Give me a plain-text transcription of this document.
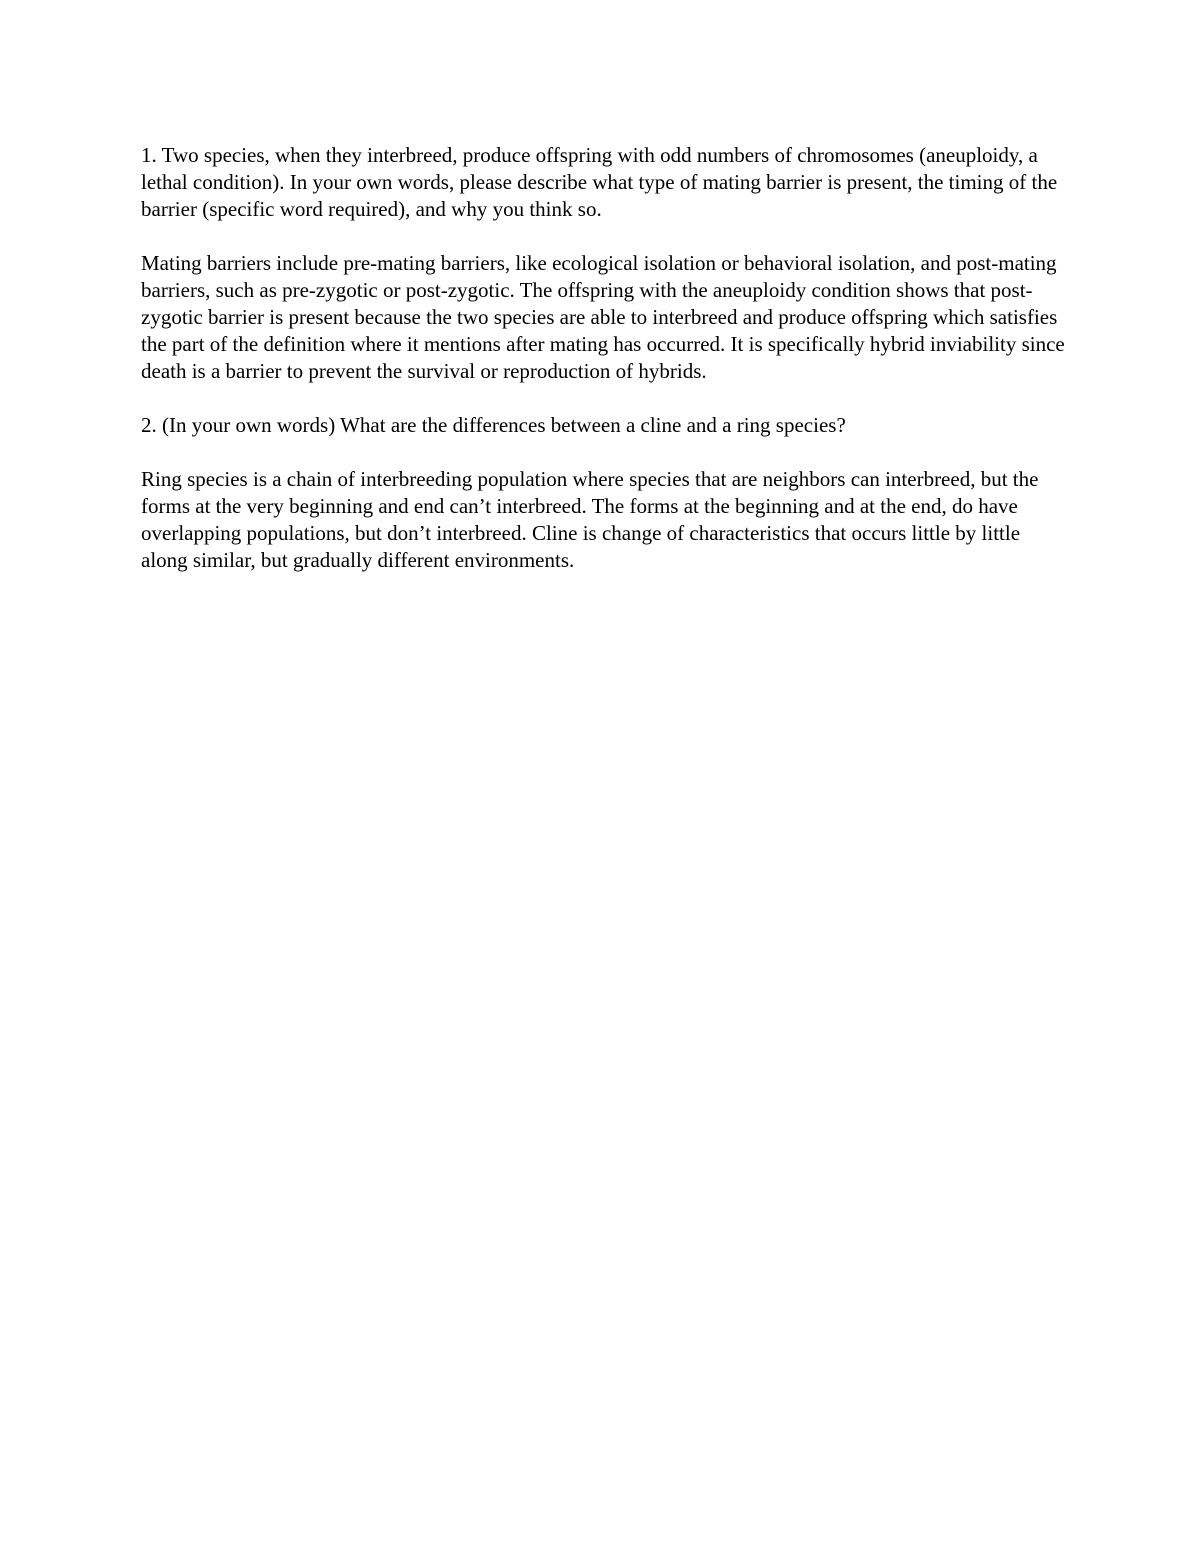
1. Two species, when they interbreed, produce offspring with odd numbers of chromosomes (aneuploidy, a lethal condition). In your own words, please describe what type of mating barrier is present, the timing of the barrier (specific word required), and why you think so.

Mating barriers include pre-mating barriers, like ecological isolation or behavioral isolation, and post-mating barriers, such as pre-zygotic or post-zygotic. The offspring with the aneuploidy condition shows that post-zygotic barrier is present because the two species are able to interbreed and produce offspring which satisfies the part of the definition where it mentions after mating has occurred. It is specifically hybrid inviability since death is a barrier to prevent the survival or reproduction of hybrids.

2. (In your own words) What are the differences between a cline and a ring species?

Ring species is a chain of interbreeding population where species that are neighbors can interbreed, but the forms at the very beginning and end can’t interbreed. The forms at the beginning and at the end, do have overlapping populations, but don’t interbreed. Cline is change of characteristics that occurs little by little along similar, but gradually different environments.
